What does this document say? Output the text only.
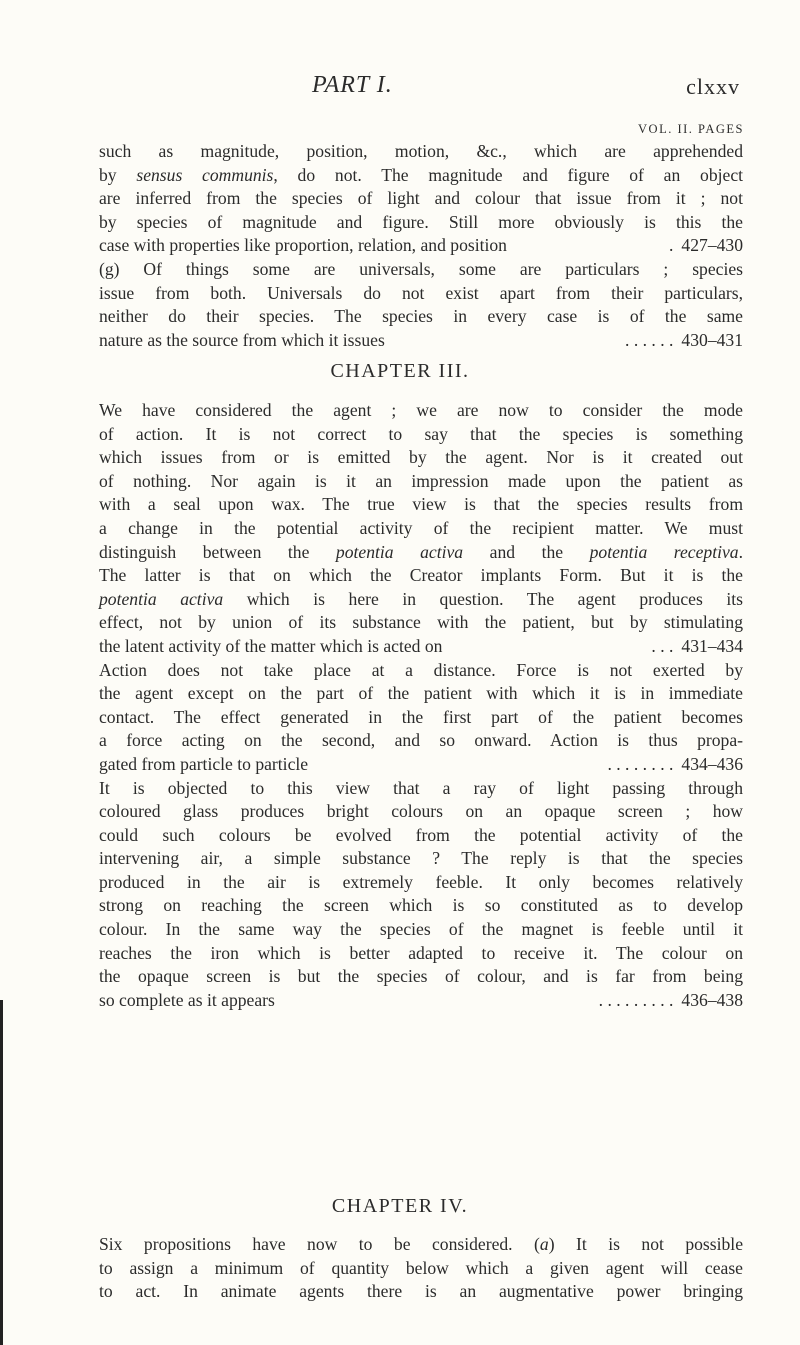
PART I.	clxxv
VOL. II. PAGES
such as magnitude, position, motion, &c., which are apprehended
by sensus communis, do not. The magnitude and figure of an object
are inferred from the species of light and colour that issue from it ; not
by species of magnitude and figure. Still more obviously is this the
case with properties like proportion, relation, and position	. 427–430
(g) Of things some are universals, some are particulars ; species
issue from both. Universals do not exist apart from their particulars,
neither do their species. The species in every case is of the same
nature as the source from which it issues	. . . . . . 430–431
CHAPTER III.
We have considered the agent ; we are now to consider the mode
of action. It is not correct to say that the species is something
which issues from or is emitted by the agent. Nor is it created out
of nothing. Nor again is it an impression made upon the patient as
with a seal upon wax. The true view is that the species results from
a change in the potential activity of the recipient matter. We must
distinguish between the potentia activa and the potentia receptiva.
The latter is that on which the Creator implants Form. But it is the
potentia activa which is here in question. The agent produces its
effect, not by union of its substance with the patient, but by stimulating
the latent activity of the matter which is acted on	. . . 431–434
Action does not take place at a distance. Force is not exerted by
the agent except on the part of the patient with which it is in immediate
contact. The effect generated in the first part of the patient becomes
a force acting on the second, and so onward. Action is thus propa-
gated from particle to particle	. . . . . . . . 434–436
It is objected to this view that a ray of light passing through
coloured glass produces bright colours on an opaque screen ; how
could such colours be evolved from the potential activity of the
intervening air, a simple substance ? The reply is that the species
produced in the air is extremely feeble. It only becomes relatively
strong on reaching the screen which is so constituted as to develop
colour. In the same way the species of the magnet is feeble until it
reaches the iron which is better adapted to receive it. The colour on
the opaque screen is but the species of colour, and is far from being
so complete as it appears	. . . . . . . . . 436–438
CHAPTER IV.
Six propositions have now to be considered. (a) It is not possible
to assign a minimum of quantity below which a given agent will cease
to act. In animate agents there is an augmentative power bringing
